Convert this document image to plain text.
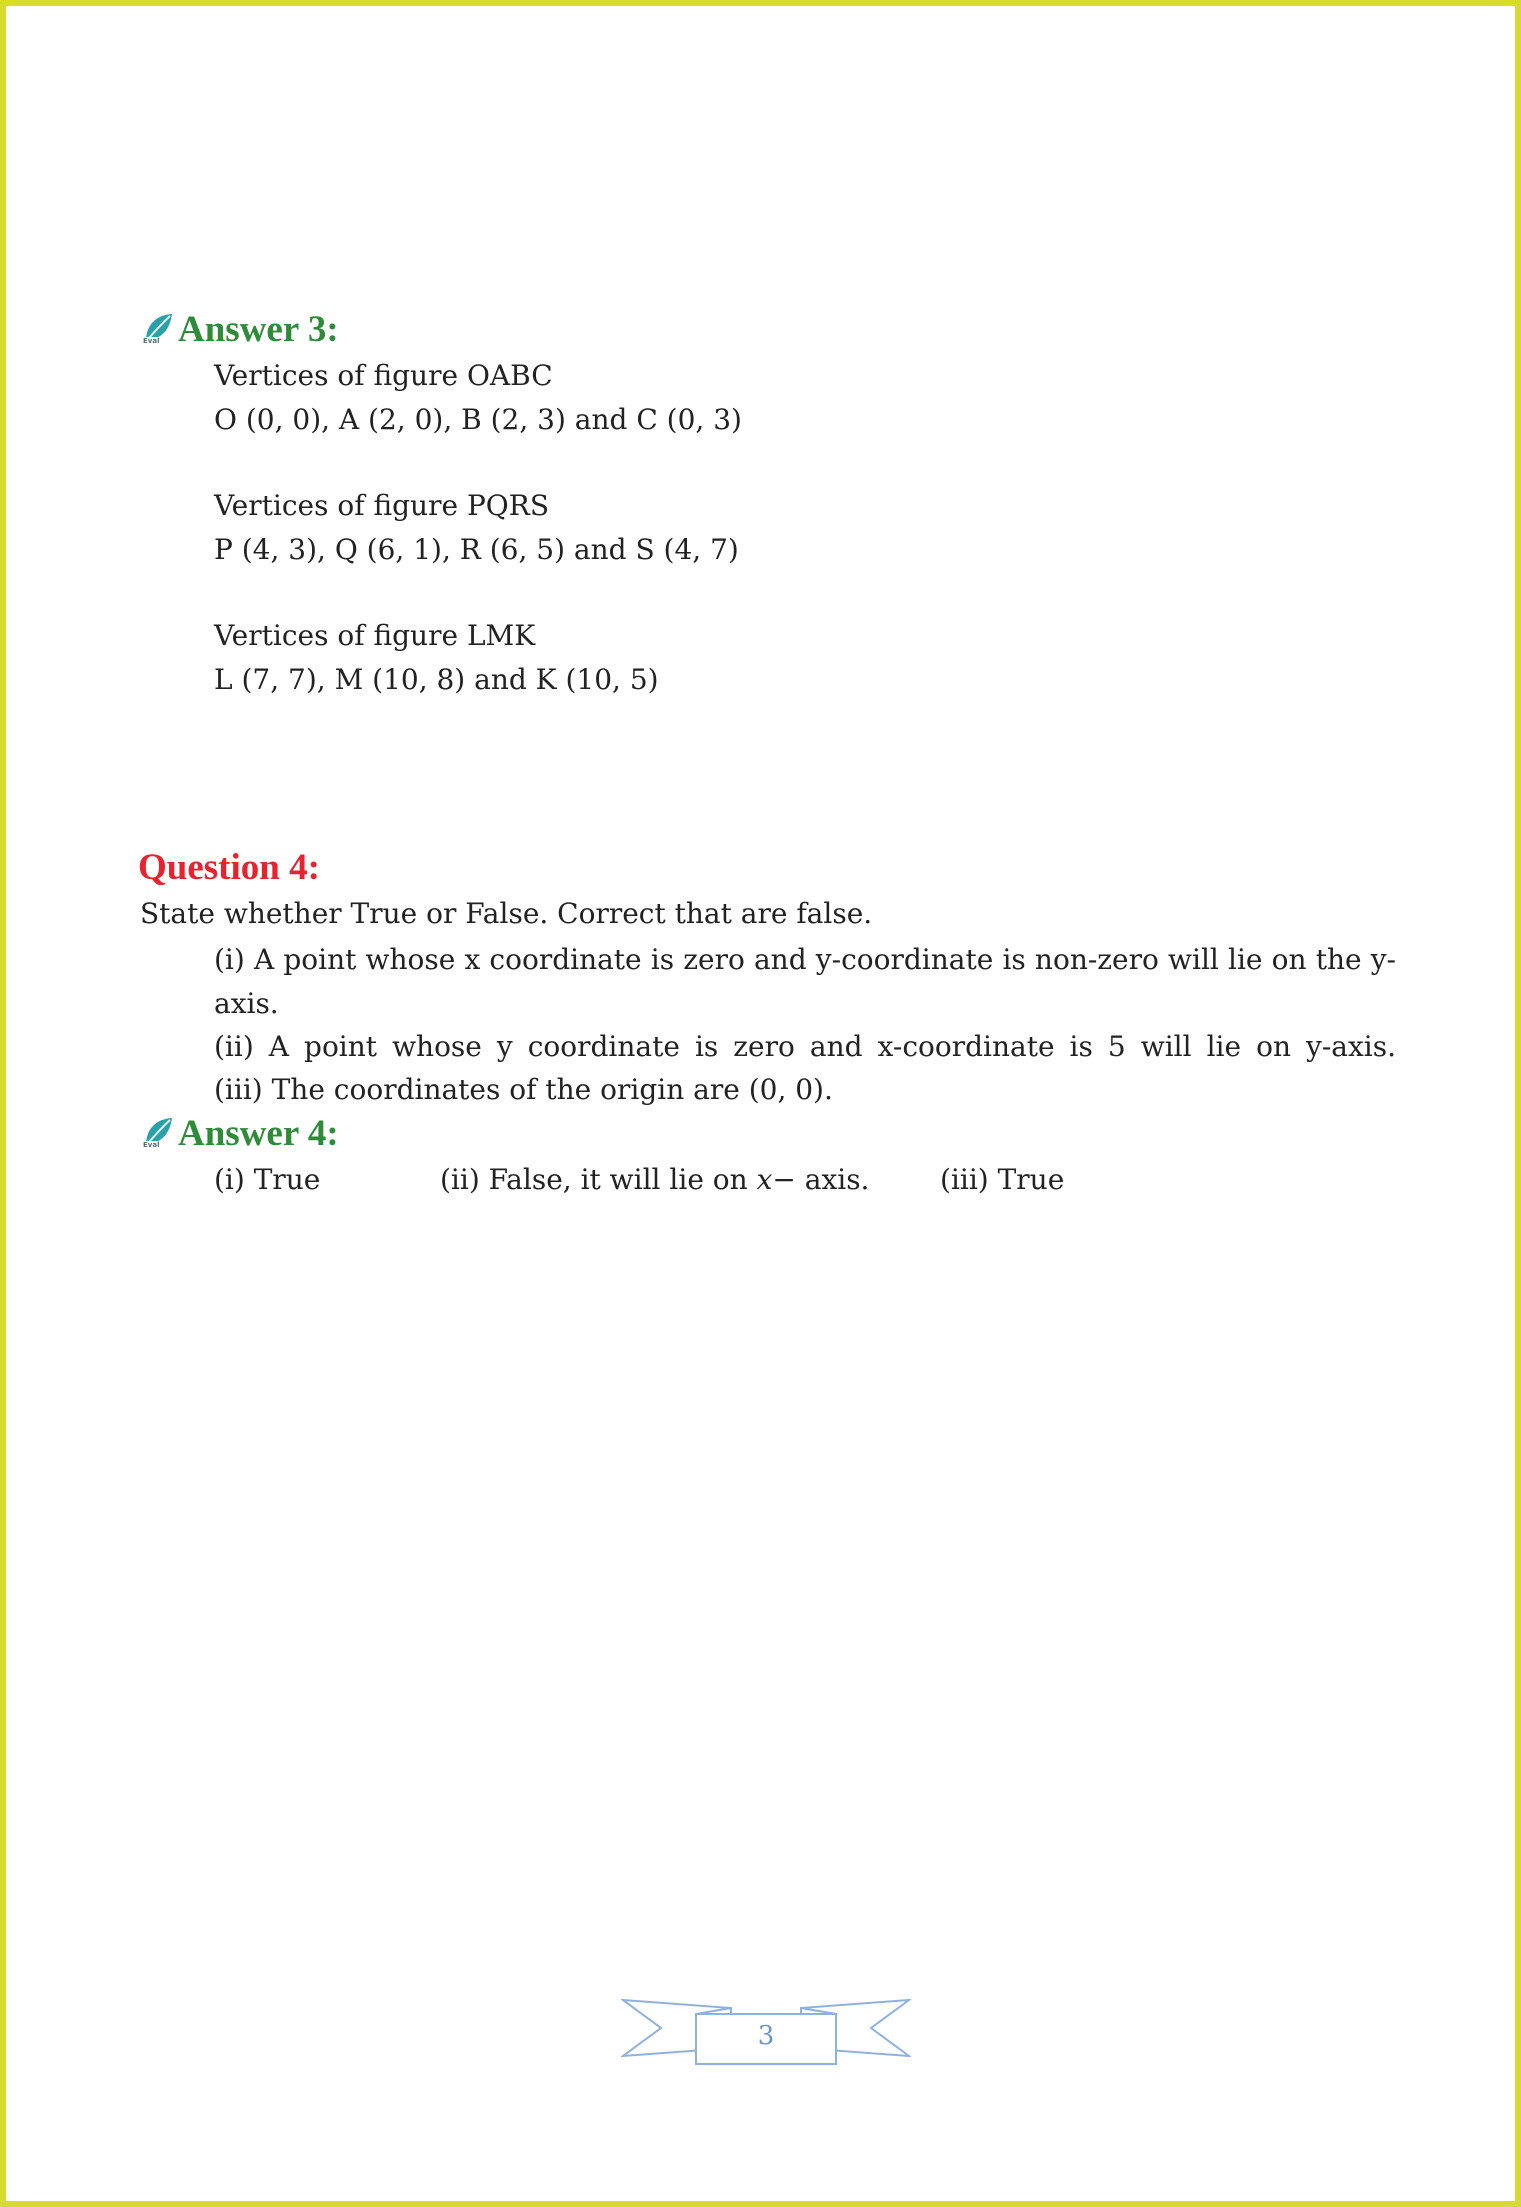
Eval Answer 3:
Vertices of figure OABC
O (0, 0), A (2, 0), B (2, 3) and C (0, 3)
Vertices of figure PQRS
P (4, 3), Q (6, 1), R (6, 5) and S (4, 7)
Vertices of figure LMK
L (7, 7), M (10, 8) and K (10, 5)
Question 4:
State whether True or False. Correct that are false.
(i) A point whose x coordinate is zero and y-coordinate is non-zero will lie on the y-axis.
(ii) A point whose y coordinate is zero and x-coordinate is 5 will lie on y-axis.
(iii) The coordinates of the origin are (0, 0).
Eval Answer 4:
(i) True	(ii) False, it will lie on x− axis.	(iii) True
3
